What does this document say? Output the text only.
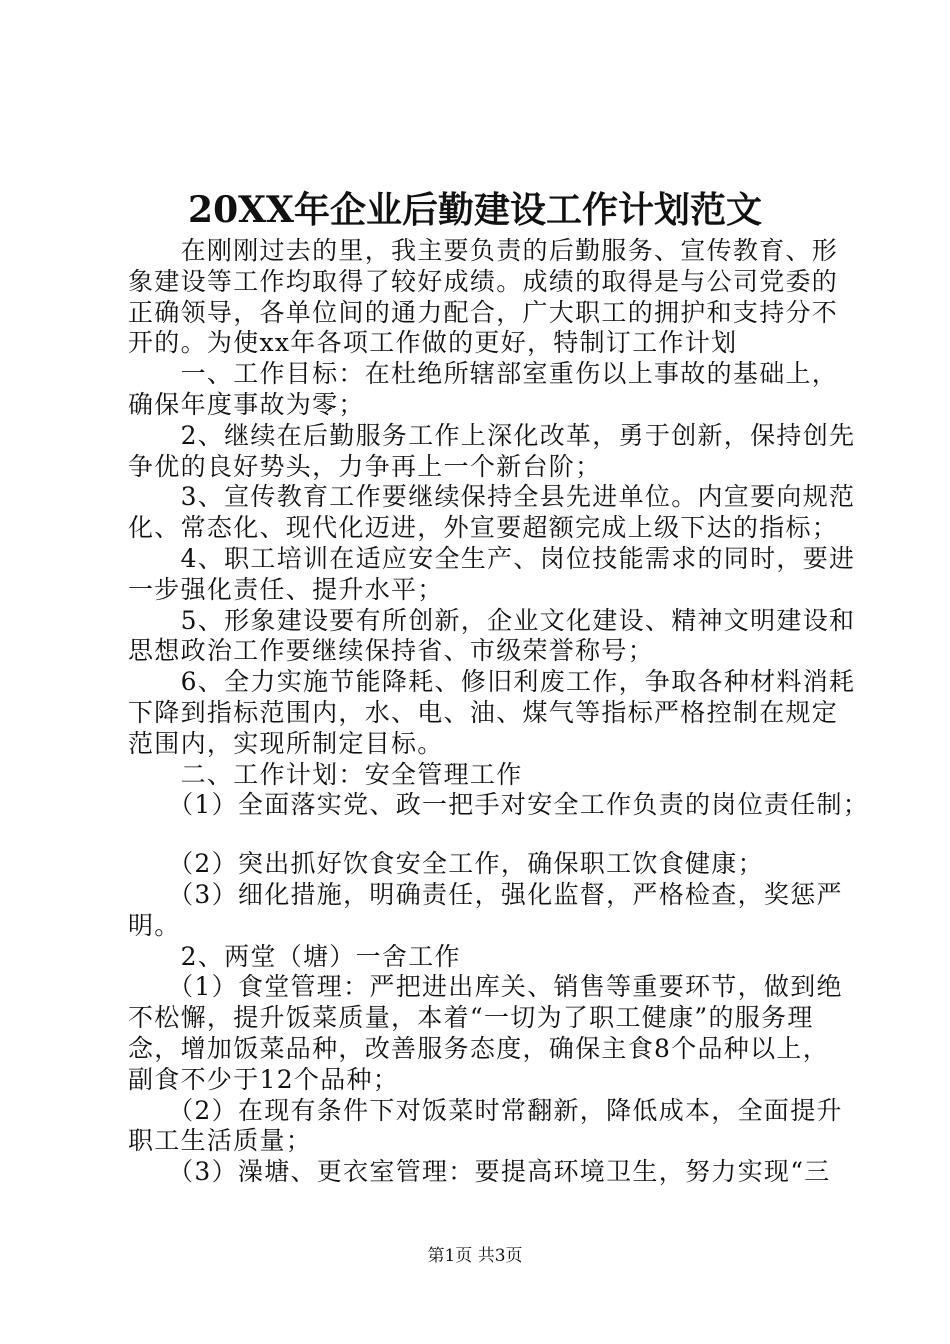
20XX年企业后勤建设工作计划范文
　　在刚刚过去的里，我主要负责的后勤服务、宣传教育、形
象建设等工作均取得了较好成绩。成绩的取得是与公司党委的
正确领导，各单位间的通力配合，广大职工的拥护和支持分不
开的。为使xx年各项工作做的更好，特制订工作计划
　　一、工作目标：在杜绝所辖部室重伤以上事故的基础上，
确保年度事故为零；
　　2、继续在后勤服务工作上深化改革，勇于创新，保持创先
争优的良好势头，力争再上一个新台阶；
　　3、宣传教育工作要继续保持全县先进单位。内宣要向规范
化、常态化、现代化迈进，外宣要超额完成上级下达的指标；
　　4、职工培训在适应安全生产、岗位技能需求的同时，要进
一步强化责任、提升水平；
　　5、形象建设要有所创新，企业文化建设、精神文明建设和
思想政治工作要继续保持省、市级荣誉称号；
　　6、全力实施节能降耗、修旧利废工作，争取各种材料消耗
下降到指标范围内，水、电、油、煤气等指标严格控制在规定
范围内，实现所制定目标。
　　二、工作计划：安全管理工作
　　（1）全面落实党、政一把手对安全工作负责的岗位责任制；
　　（2）突出抓好饮食安全工作，确保职工饮食健康；
　　（3）细化措施，明确责任，强化监督，严格检查，奖惩严
明。
　　2、两堂（塘）一舍工作
　　（1）食堂管理：严把进出库关、销售等重要环节，做到绝
不松懈，提升饭菜质量，本着“一切为了职工健康”的服务理
念，增加饭菜品种，改善服务态度，确保主食8个品种以上，
副食不少于12个品种；
　　（2）在现有条件下对饭菜时常翻新，降低成本，全面提升
职工生活质量；
　　（3）澡塘、更衣室管理：要提高环境卫生，努力实现“三
第1页 共3页
